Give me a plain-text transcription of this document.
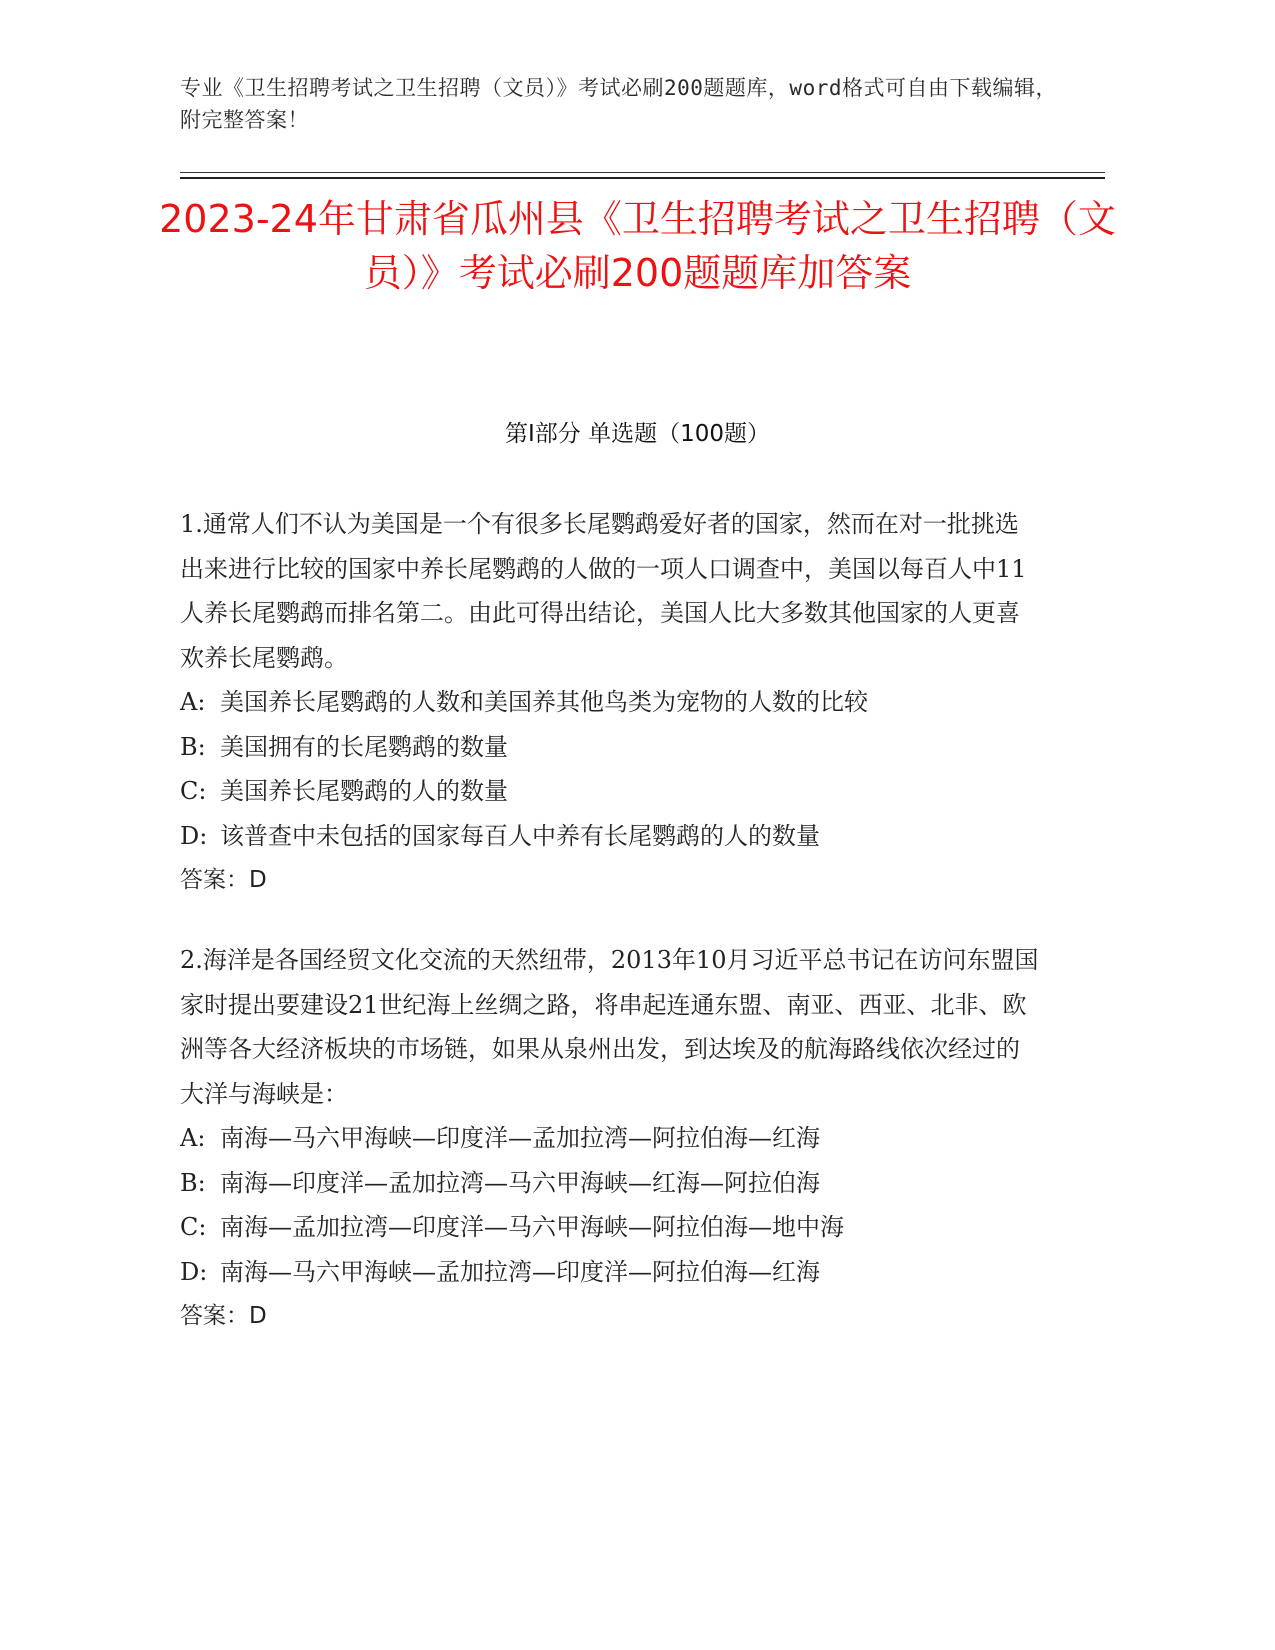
专业《卫生招聘考试之卫生招聘（文员）》考试必刷200题题库，word格式可自由下载编辑，附完整答案！
2023-24年甘肃省瓜州县《卫生招聘考试之卫生招聘（文员）》考试必刷200题题库加答案
第Ⅰ部分 单选题（100题）

1.通常人们不认为美国是一个有很多长尾鹦鹉爱好者的国家，然而在对一批挑选出来进行比较的国家中养长尾鹦鹉的人做的一项人口调查中，美国以每百人中11人养长尾鹦鹉而排名第二。由此可得出结论，美国人比大多数其他国家的人更喜欢养长尾鹦鹉。

A: 美国养长尾鹦鹉的人数和美国养其他鸟类为宠物的人数的比较

B: 美国拥有的长尾鹦鹉的数量

C: 美国养长尾鹦鹉的人的数量

D: 该普查中未包括的国家每百人中养有长尾鹦鹉的人的数量

答案：D

2.海洋是各国经贸文化交流的天然纽带，2013年10月习近平总书记在访问东盟国家时提出要建设21世纪海上丝绸之路，将串起连通东盟、南亚、西亚、北非、欧洲等各大经济板块的市场链，如果从泉州出发，到达埃及的航海路线依次经过的大洋与海峡是：

A: 南海—马六甲海峡—印度洋—孟加拉湾—阿拉伯海—红海

B: 南海—印度洋—孟加拉湾—马六甲海峡—红海—阿拉伯海

C: 南海—孟加拉湾—印度洋—马六甲海峡—阿拉伯海—地中海

D: 南海—马六甲海峡—孟加拉湾—印度洋—阿拉伯海—红海

答案：D
